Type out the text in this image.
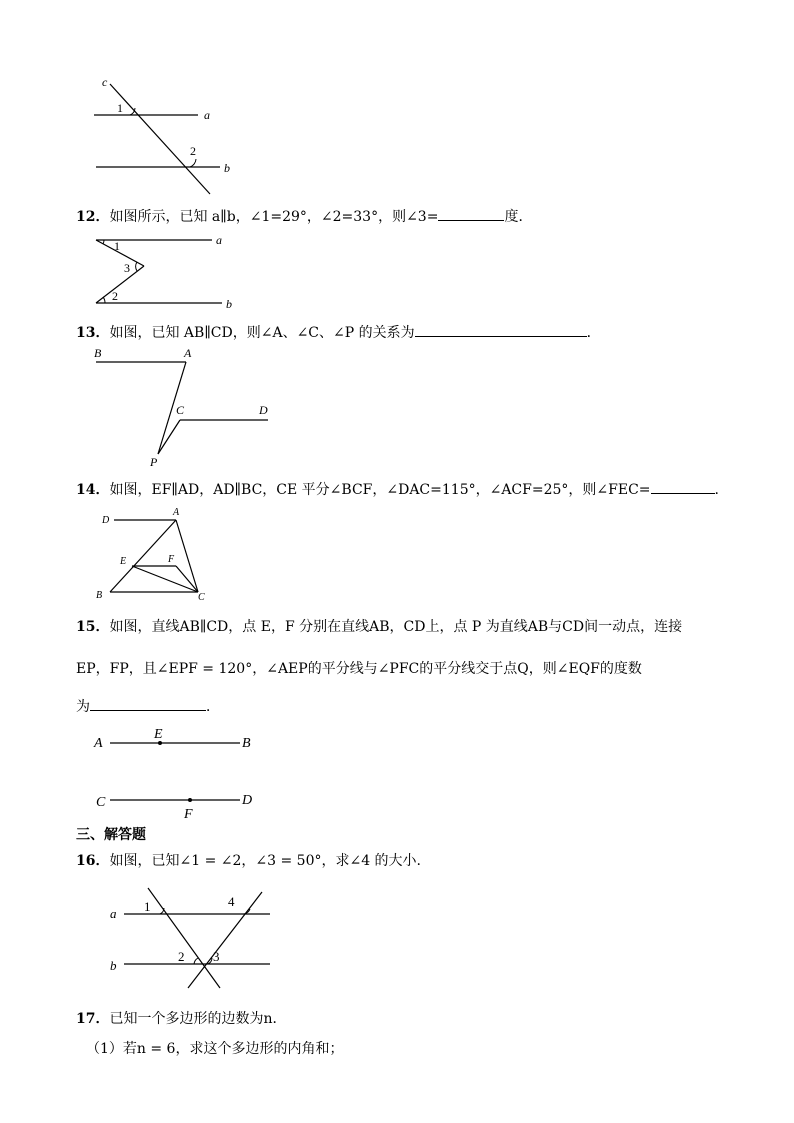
c
a
b
1
2
12．如图所示，已知 a∥b，∠1=29°，∠2=33°，则∠3=	度．
a
b
1
3
2
13．如图，已知 AB∥CD，则∠A、∠C、∠P 的关系为	．
B	A
C	D
P
14．如图，EF∥AD，AD∥BC，CE 平分∠BCF，∠DAC=115°，∠ACF=25°，则∠FEC=	.
D
A
E	F
B	C
15．如图，直线AB∥CD，点 E，F 分别在直线AB，CD上，点 P 为直线AB与CD间一动点，连接
EP，FP，且∠EPF = 120°，∠AEP的平分线与∠PFC的平分线交于点Q，则∠EQF的度数
为	．
A
E
B
C
F
D
三、解答题
16．如图，已知∠1 = ∠2，∠3 = 50°，求∠4 的大小.
a
b
1	4
2 3
17．已知一个多边形的边数为n．
（1）若n = 6，求这个多边形的内角和；
